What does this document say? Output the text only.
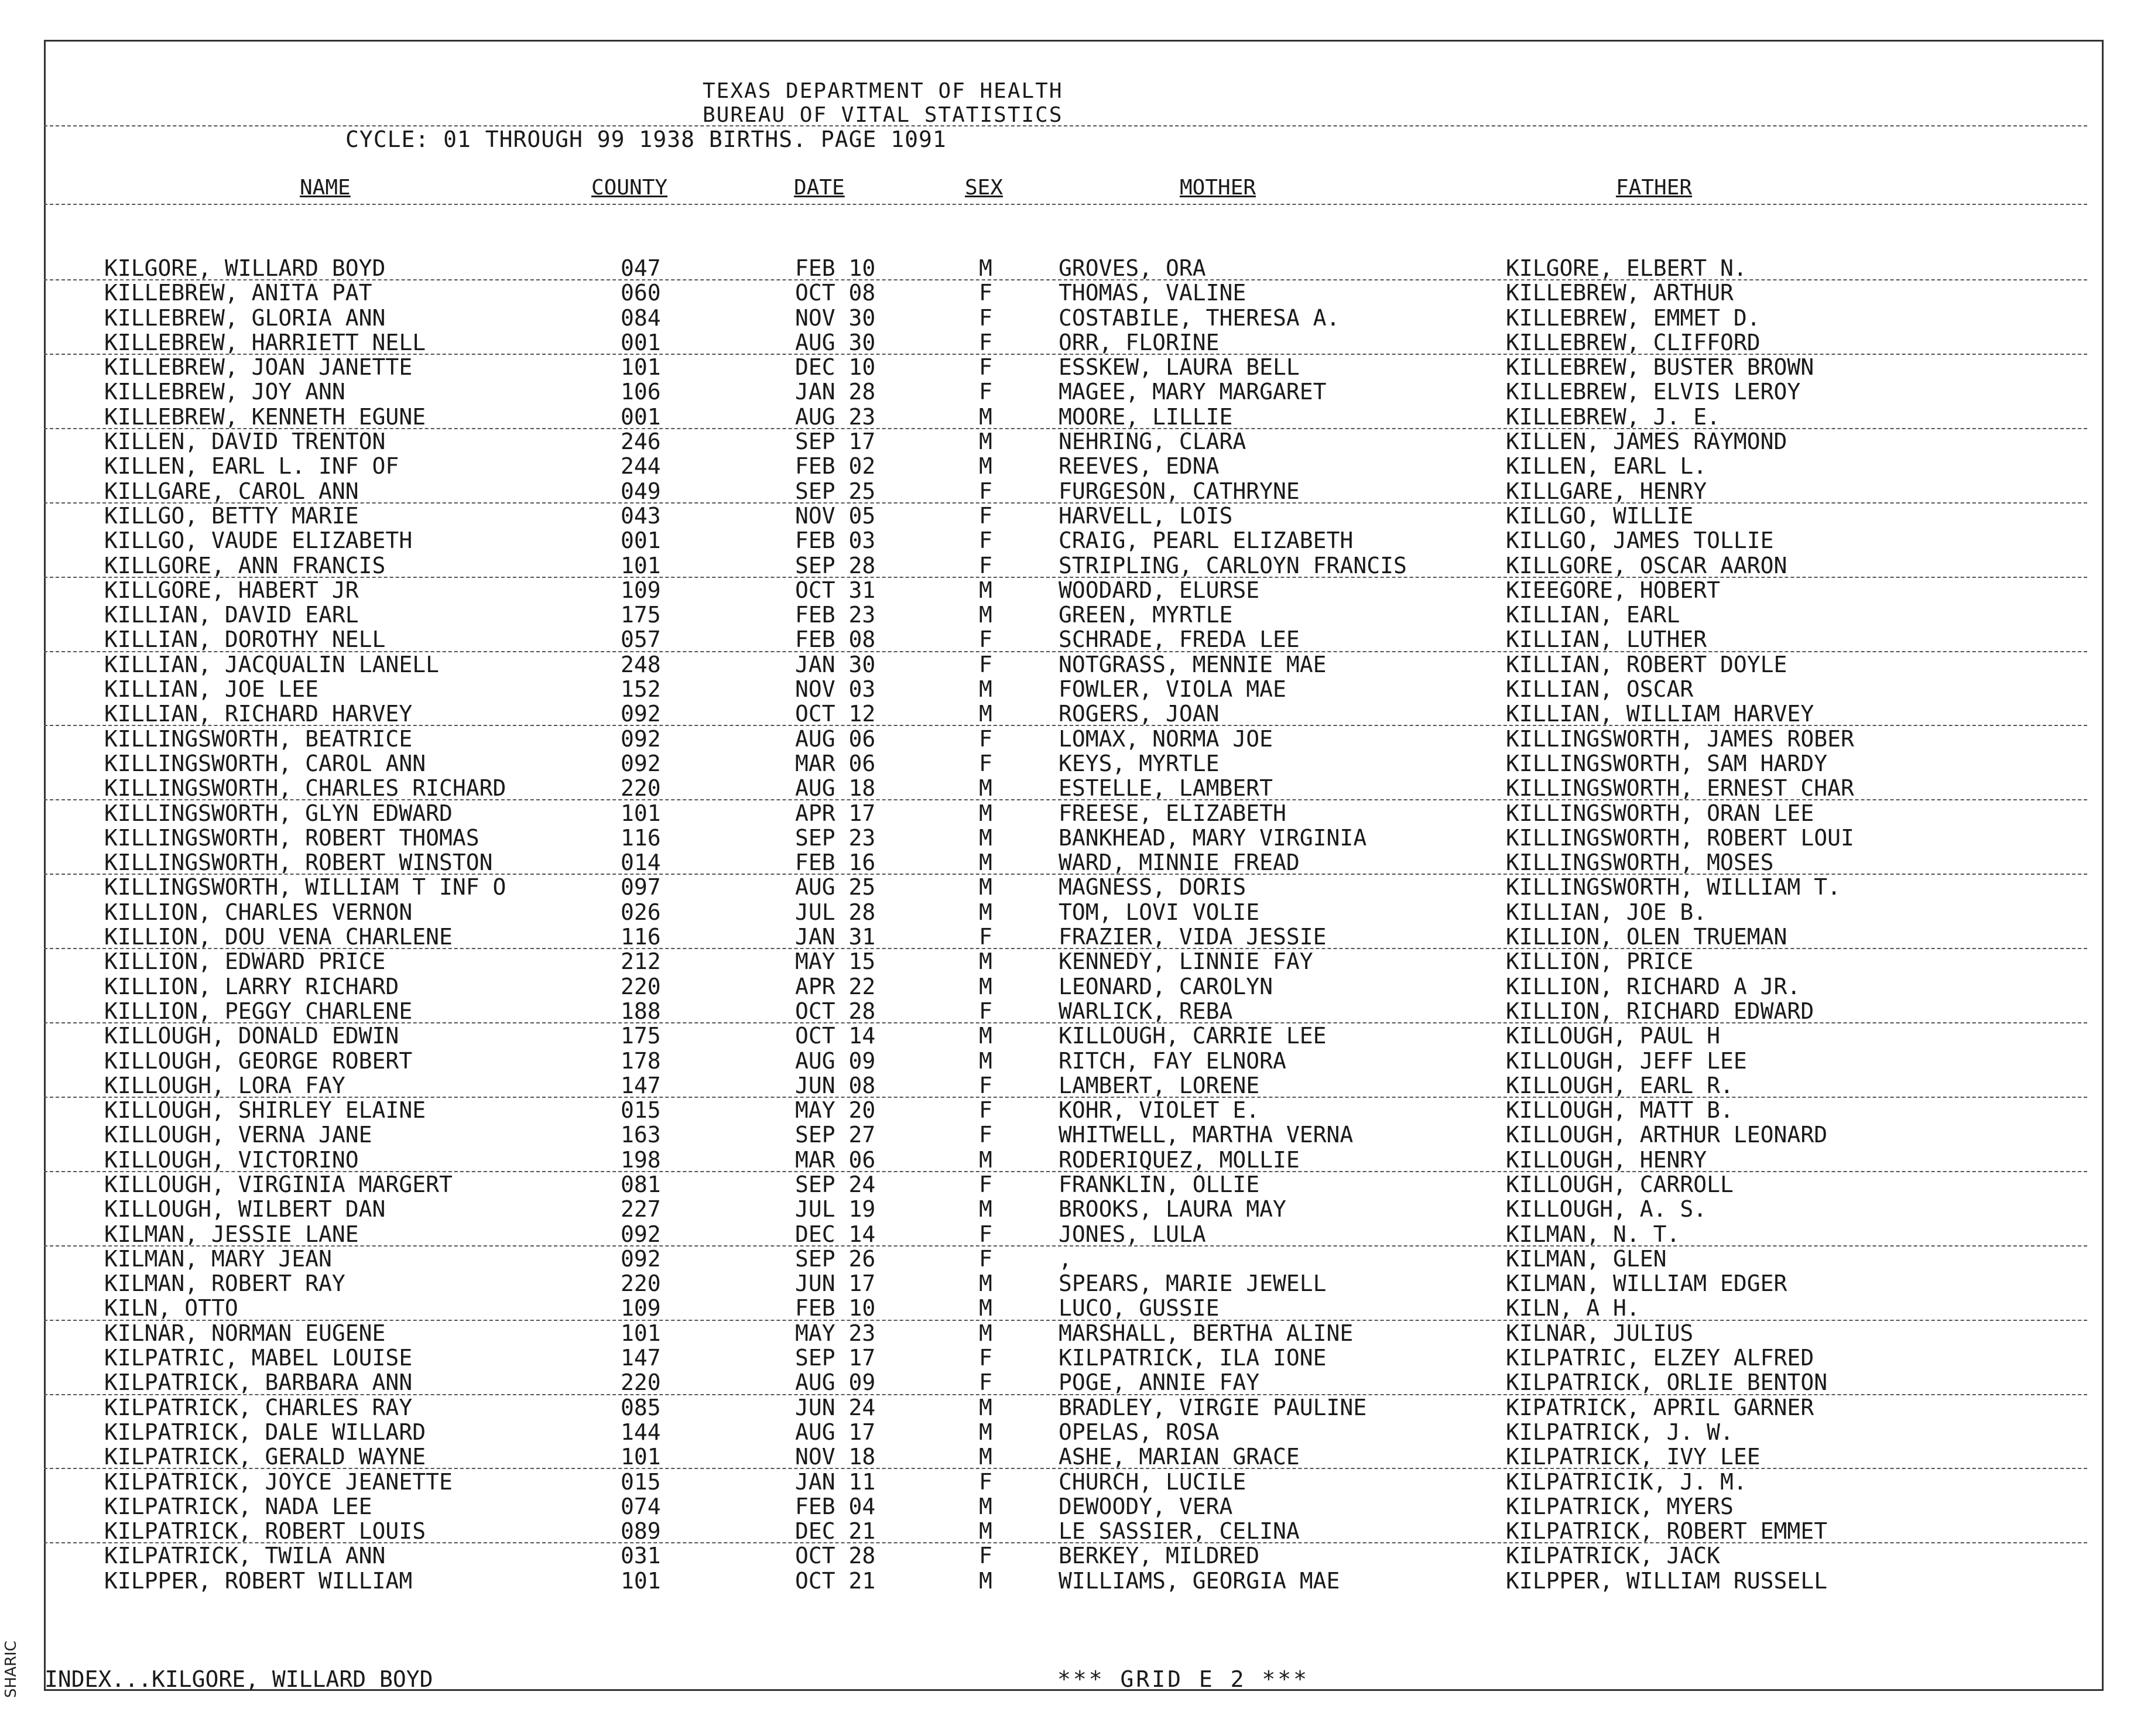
SHARIC
TEXAS DEPARTMENT OF HEALTH
BUREAU OF VITAL STATISTICS
CYCLE: 01 THROUGH 99 1938 BIRTHS. PAGE 1091
NAME	COUNTY	DATE	SEX	MOTHER	FATHER
KILGORE, WILLARD BOYD	047	FEB 10	M	GROVES, ORA	KILGORE, ELBERT N.
KILLEBREW, ANITA PAT	060	OCT 08	F	THOMAS, VALINE	KILLEBREW, ARTHUR
KILLEBREW, GLORIA ANN	084	NOV 30	F	COSTABILE, THERESA A.	KILLEBREW, EMMET D.
KILLEBREW, HARRIETT NELL	001	AUG 30	F	ORR, FLORINE	KILLEBREW, CLIFFORD
KILLEBREW, JOAN JANETTE	101	DEC 10	F	ESSKEW, LAURA BELL	KILLEBREW, BUSTER BROWN
KILLEBREW, JOY ANN	106	JAN 28	F	MAGEE, MARY MARGARET	KILLEBREW, ELVIS LEROY
KILLEBREW, KENNETH EGUNE	001	AUG 23	M	MOORE, LILLIE	KILLEBREW, J. E.
KILLEN, DAVID TRENTON	246	SEP 17	M	NEHRING, CLARA	KILLEN, JAMES RAYMOND
KILLEN, EARL L. INF OF	244	FEB 02	M	REEVES, EDNA	KILLEN, EARL L.
KILLGARE, CAROL ANN	049	SEP 25	F	FURGESON, CATHRYNE	KILLGARE, HENRY
KILLGO, BETTY MARIE	043	NOV 05	F	HARVELL, LOIS	KILLGO, WILLIE
KILLGO, VAUDE ELIZABETH	001	FEB 03	F	CRAIG, PEARL ELIZABETH	KILLGO, JAMES TOLLIE
KILLGORE, ANN FRANCIS	101	SEP 28	F	STRIPLING, CARLOYN FRANCIS	KILLGORE, OSCAR AARON
KILLGORE, HABERT JR	109	OCT 31	M	WOODARD, ELURSE	KIEEGORE, HOBERT
KILLIAN, DAVID EARL	175	FEB 23	M	GREEN, MYRTLE	KILLIAN, EARL
KILLIAN, DOROTHY NELL	057	FEB 08	F	SCHRADE, FREDA LEE	KILLIAN, LUTHER
KILLIAN, JACQUALIN LANELL	248	JAN 30	F	NOTGRASS, MENNIE MAE	KILLIAN, ROBERT DOYLE
KILLIAN, JOE LEE	152	NOV 03	M	FOWLER, VIOLA MAE	KILLIAN, OSCAR
KILLIAN, RICHARD HARVEY	092	OCT 12	M	ROGERS, JOAN	KILLIAN, WILLIAM HARVEY
KILLINGSWORTH, BEATRICE	092	AUG 06	F	LOMAX, NORMA JOE	KILLINGSWORTH, JAMES ROBER
KILLINGSWORTH, CAROL ANN	092	MAR 06	F	KEYS, MYRTLE	KILLINGSWORTH, SAM HARDY
KILLINGSWORTH, CHARLES RICHARD	220	AUG 18	M	ESTELLE, LAMBERT	KILLINGSWORTH, ERNEST CHAR
KILLINGSWORTH, GLYN EDWARD	101	APR 17	M	FREESE, ELIZABETH	KILLINGSWORTH, ORAN LEE
KILLINGSWORTH, ROBERT THOMAS	116	SEP 23	M	BANKHEAD, MARY VIRGINIA	KILLINGSWORTH, ROBERT LOUI
KILLINGSWORTH, ROBERT WINSTON	014	FEB 16	M	WARD, MINNIE FREAD	KILLINGSWORTH, MOSES
KILLINGSWORTH, WILLIAM T INF O	097	AUG 25	M	MAGNESS, DORIS	KILLINGSWORTH, WILLIAM T.
KILLION, CHARLES VERNON	026	JUL 28	M	TOM, LOVI VOLIE	KILLIAN, JOE B.
KILLION, DOU VENA CHARLENE	116	JAN 31	F	FRAZIER, VIDA JESSIE	KILLION, OLEN TRUEMAN
KILLION, EDWARD PRICE	212	MAY 15	M	KENNEDY, LINNIE FAY	KILLION, PRICE
KILLION, LARRY RICHARD	220	APR 22	M	LEONARD, CAROLYN	KILLION, RICHARD A JR.
KILLION, PEGGY CHARLENE	188	OCT 28	F	WARLICK, REBA	KILLION, RICHARD EDWARD
KILLOUGH, DONALD EDWIN	175	OCT 14	M	KILLOUGH, CARRIE LEE	KILLOUGH, PAUL H
KILLOUGH, GEORGE ROBERT	178	AUG 09	M	RITCH, FAY ELNORA	KILLOUGH, JEFF LEE
KILLOUGH, LORA FAY	147	JUN 08	F	LAMBERT, LORENE	KILLOUGH, EARL R.
KILLOUGH, SHIRLEY ELAINE	015	MAY 20	F	KOHR, VIOLET E.	KILLOUGH, MATT B.
KILLOUGH, VERNA JANE	163	SEP 27	F	WHITWELL, MARTHA VERNA	KILLOUGH, ARTHUR LEONARD
KILLOUGH, VICTORINO	198	MAR 06	M	RODERIQUEZ, MOLLIE	KILLOUGH, HENRY
KILLOUGH, VIRGINIA MARGERT	081	SEP 24	F	FRANKLIN, OLLIE	KILLOUGH, CARROLL
KILLOUGH, WILBERT DAN	227	JUL 19	M	BROOKS, LAURA MAY	KILLOUGH, A. S.
KILMAN, JESSIE LANE	092	DEC 14	F	JONES, LULA	KILMAN, N. T.
KILMAN, MARY JEAN	092	SEP 26	F	,	KILMAN, GLEN
KILMAN, ROBERT RAY	220	JUN 17	M	SPEARS, MARIE JEWELL	KILMAN, WILLIAM EDGER
KILN, OTTO	109	FEB 10	M	LUCO, GUSSIE	KILN, A H.
KILNAR, NORMAN EUGENE	101	MAY 23	M	MARSHALL, BERTHA ALINE	KILNAR, JULIUS
KILPATRIC, MABEL LOUISE	147	SEP 17	F	KILPATRICK, ILA IONE	KILPATRIC, ELZEY ALFRED
KILPATRICK, BARBARA ANN	220	AUG 09	F	POGE, ANNIE FAY	KILPATRICK, ORLIE BENTON
KILPATRICK, CHARLES RAY	085	JUN 24	M	BRADLEY, VIRGIE PAULINE	KIPATRICK, APRIL GARNER
KILPATRICK, DALE WILLARD	144	AUG 17	M	OPELAS, ROSA	KILPATRICK, J. W.
KILPATRICK, GERALD WAYNE	101	NOV 18	M	ASHE, MARIAN GRACE	KILPATRICK, IVY LEE
KILPATRICK, JOYCE JEANETTE	015	JAN 11	F	CHURCH, LUCILE	KILPATRICIK, J. M.
KILPATRICK, NADA LEE	074	FEB 04	M	DEWOODY, VERA	KILPATRICK, MYERS
KILPATRICK, ROBERT LOUIS	089	DEC 21	M	LE SASSIER, CELINA	KILPATRICK, ROBERT EMMET
KILPATRICK, TWILA ANN	031	OCT 28	F	BERKEY, MILDRED	KILPATRICK, JACK
KILPPER, ROBERT WILLIAM	101	OCT 21	M	WILLIAMS, GEORGIA MAE	KILPPER, WILLIAM RUSSELL
INDEX...KILGORE, WILLARD BOYD	*** GRID E 2 ***
